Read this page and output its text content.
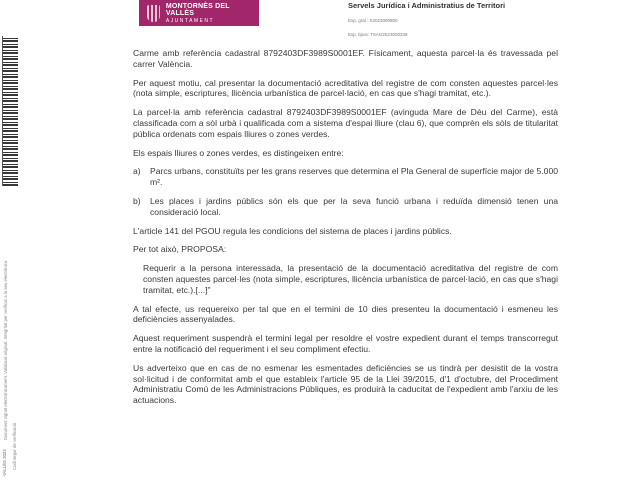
MONTORNÈS DEL VALLÈS
AJUNTAMENT
Servels Jurídica i Administratius de Territori
Exp. gral.: X2023000800
Exp. tipus: TSAG2023000339
Document signat electrònicament. Validació original. Integritat per verificar a la seu electrònica
Codi segur de verificació
VALLÈS 2023

Carme amb referència cadastral 8792403DF3989S0001EF. Físicament, aquesta parcel·la és travessada pel carrer València.

Per aquest motiu, cal presentar la documentació acreditativa del registre de com consten aquestes parcel·les (nota simple, escriptures, llicència urbanística de parcel·lació, en cas que s'hagi tramitat, etc.).

La parcel·la amb referència cadastral 8792403DF3989S0001EF (avinguda Mare de Déu del Carme), està classificada com a sòl urbà i qualificada com a sistema d'espai lliure (clau 6), que comprèn els sòls de titularitat pública ordenats com espais lliures o zones verdes.

Els espais lliures o zones verdes, es distingeixen entre:

a)	Parcs urbans, constituïts per les grans reserves que determina el Pla General de superfície major de 5.000 m².
b)	Les places i jardins públics són els que per la seva funció urbana i reduïda dimensió tenen una consideració local.

L'article 141 del PGOU regula les condicions del sistema de places i jardins públics.

Per tot això, PROPOSA:

Requerir a la persona interessada, la presentació de la documentació acreditativa del registre de com consten aquestes parcel·les (nota simple, escriptures, llicència urbanística de parcel·lació, en cas que s'hagi tramitat, etc.).[...]"

A tal efecte, us requereixo per tal que en el termini de 10 dies presenteu la documentació i esmeneu les deficiències assenyalades.

Aquest requeriment suspendrà el termini legal per resoldre el vostre expedient durant el temps transcorregut entre la notificació del requeriment i el seu compliment efectiu.

Us adverteixo que en cas de no esmenar les esmentades deficiències se us tindrà per desistit de la vostra sol·licitud i de conformitat amb el que estableix l'article 95 de la Llei 39/2015, d'1 d'octubre, del Procediment Administratiu Comú de les Administracions Públiques, es produirà la caducitat de l'expedient amb l'arxiu de les actuacions.
